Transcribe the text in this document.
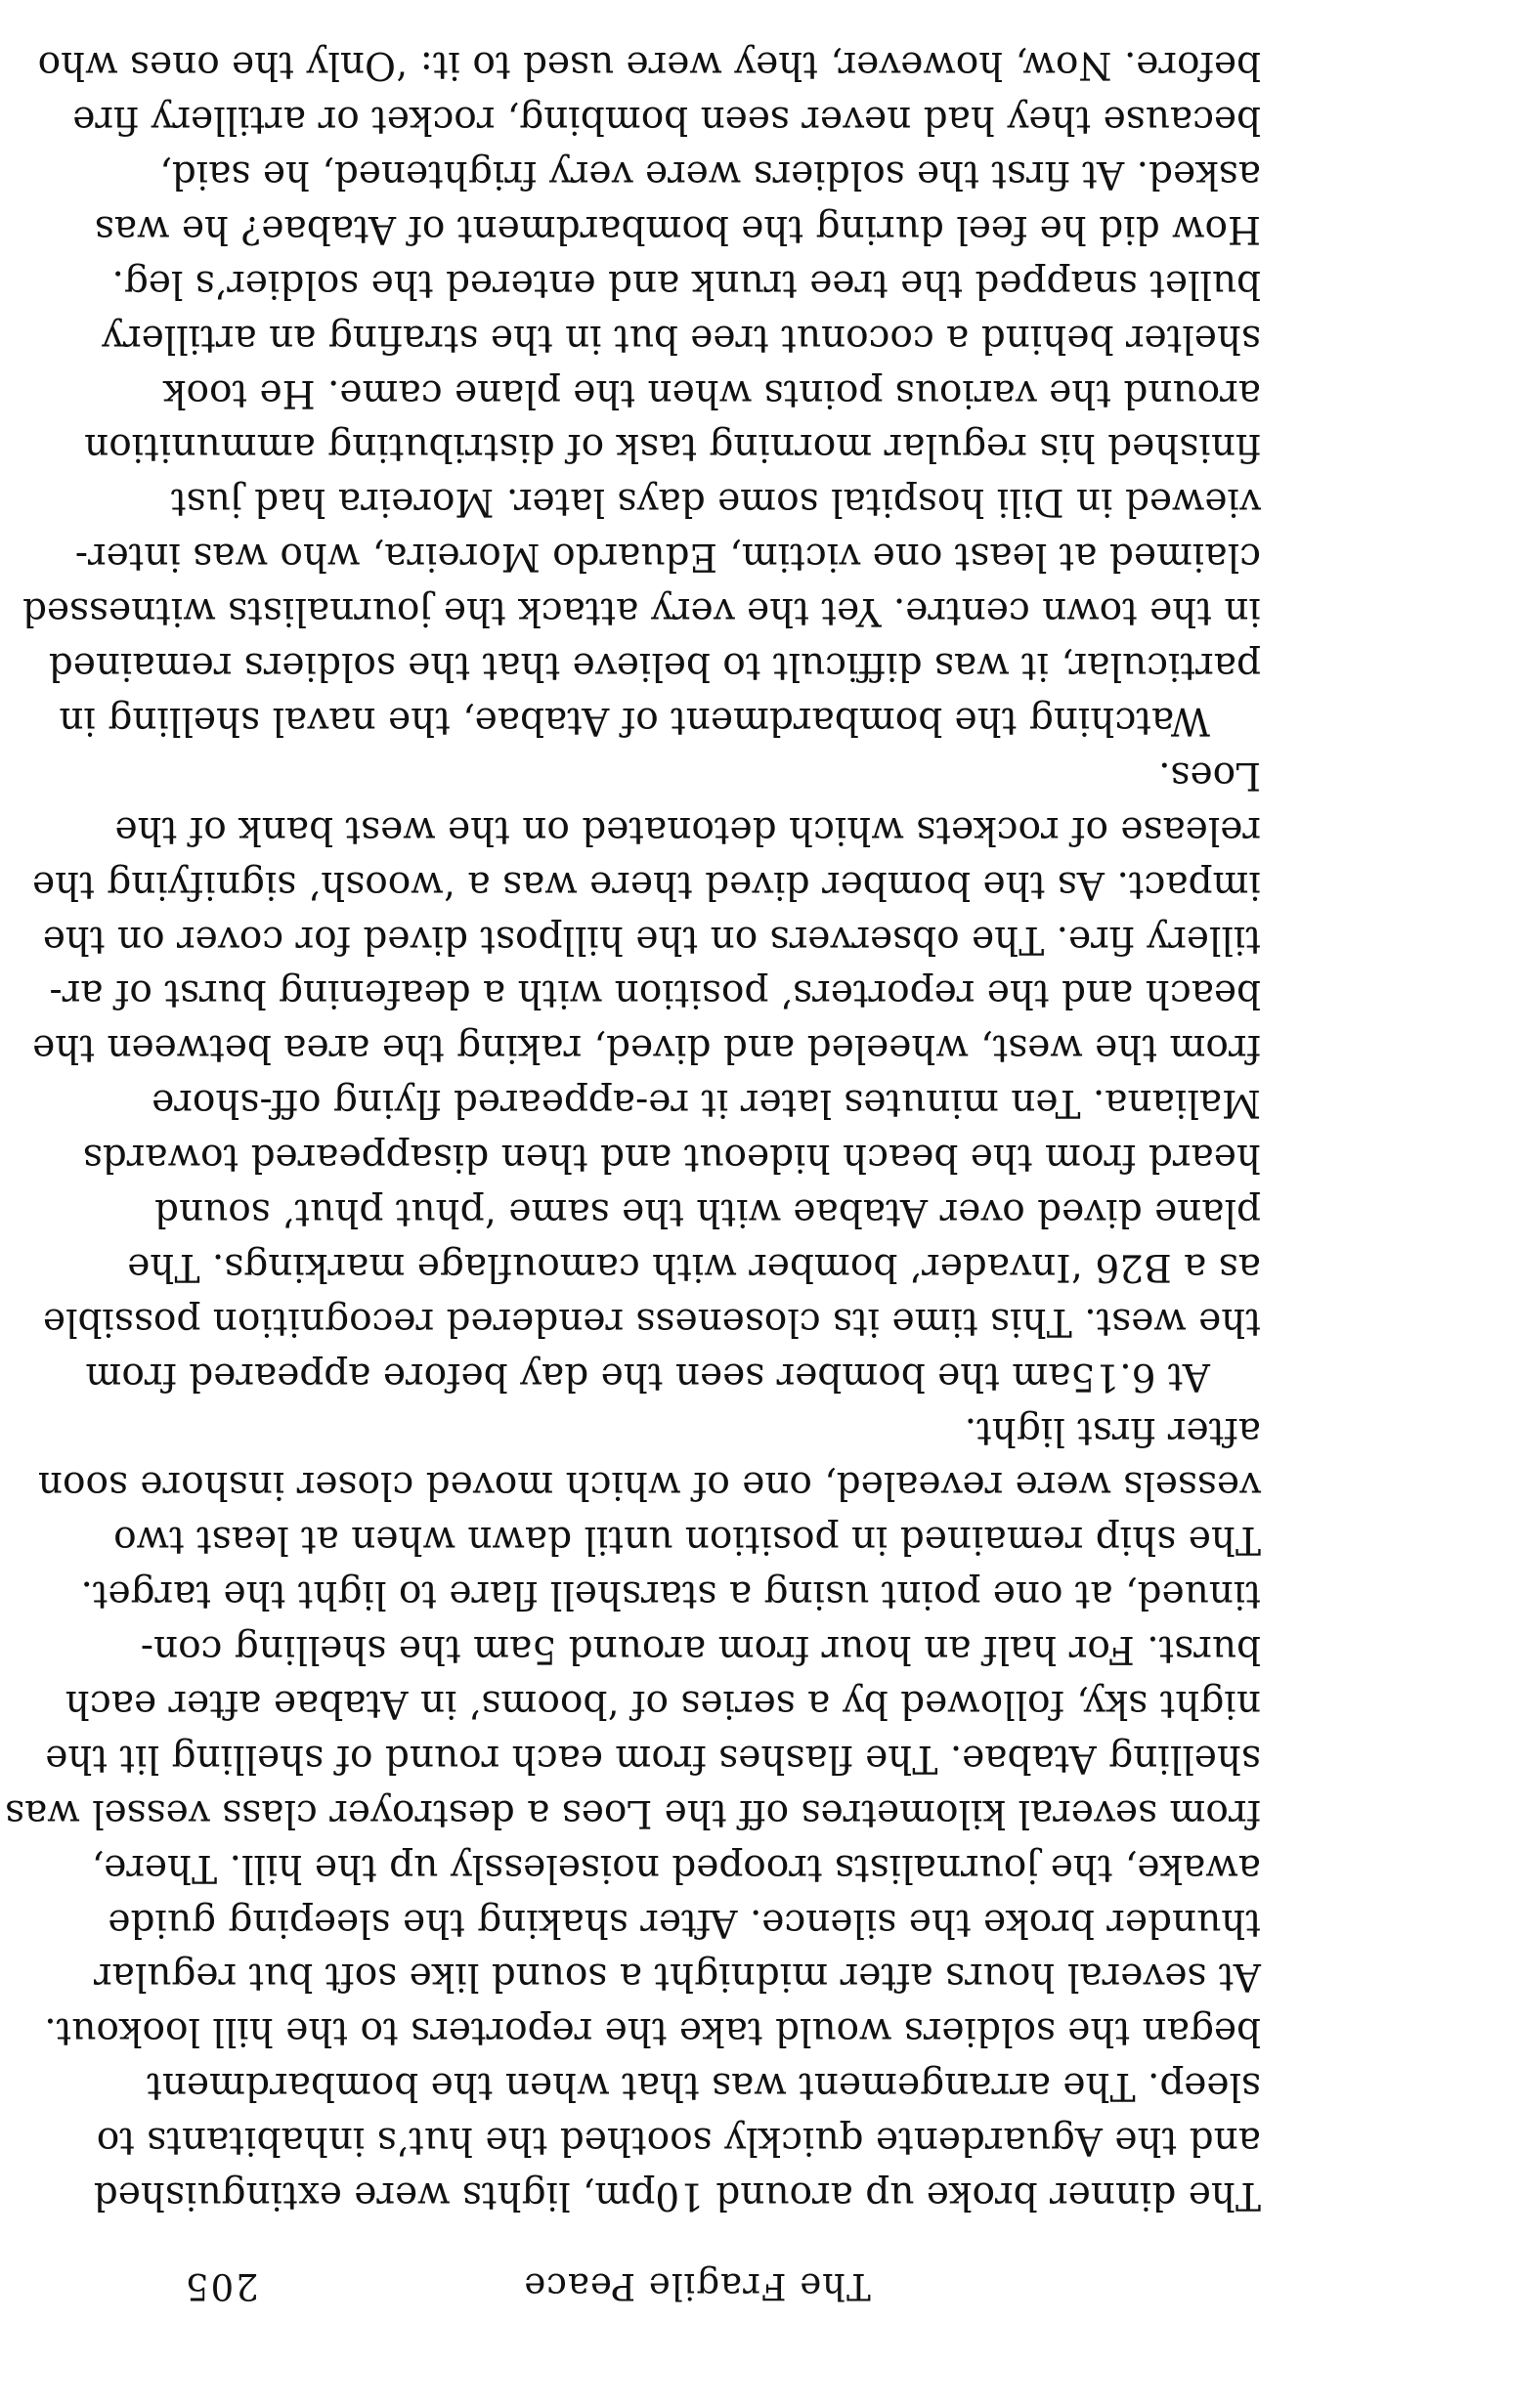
The Fragile Peace
205
The dinner broke up around 10pm, lights were extinguished
and the Aguardente quickly soothed the hut’s inhabitants to
sleep. The arrangement was that when the bombardment
began the soldiers would take the reporters to the hill lookout.
At several hours after midnight a sound like soft but regular
thunder broke the silence. After shaking the sleeping guide
awake, the journalists trooped noiselessly up the hill. There,
from several kilometres off the Loes a destroyer class vessel was
shelling Atabae. The flashes from each round of shelling lit the
night sky, followed by a series of ‘booms’ in Atabae after each
burst. For half an hour from around 5am the shelling con-
tinued, at one point using a starshell flare to light the target.
The ship remained in position until dawn when at least two
vessels were revealed, one of which moved closer inshore soon
after first light.
At 6.15am the bomber seen the day before appeared from
the west. This time its closeness rendered recognition possible
as a B26 ‘Invader’ bomber with camouflage markings. The
plane dived over Atabae with the same ‘phut phut’ sound
heard from the beach hideout and then disappeared towards
Maliana. Ten minutes later it re-appeared flying off-shore
from the west, wheeled and dived, raking the area between the
beach and the reporters’ position with a deafening burst of ar-
tillery fire. The observers on the hillpost dived for cover on the
impact. As the bomber dived there was a ‘woosh’ signifying the
release of rockets which detonated on the west bank of the
Loes.
Watching the bombardment of Atabae, the naval shelling in
particular, it was difficult to believe that the soldiers remained
in the town centre. Yet the very attack the journalists witnessed
claimed at least one victim, Eduardo Moreira, who was inter-
viewed in Dili hospital some days later. Moreira had just
finished his regular morning task of distributing ammunition
around the various points when the plane came. He took
shelter behind a coconut tree but in the strafing an artillery
bullet snapped the tree trunk and entered the soldier’s leg.
How did he feel during the bombardment of Atabae? he was
asked. At first the soldiers were very frightened, he said,
because they had never seen bombing, rocket or artillery fire
before. Now, however, they were used to it: ‘Only the ones who
